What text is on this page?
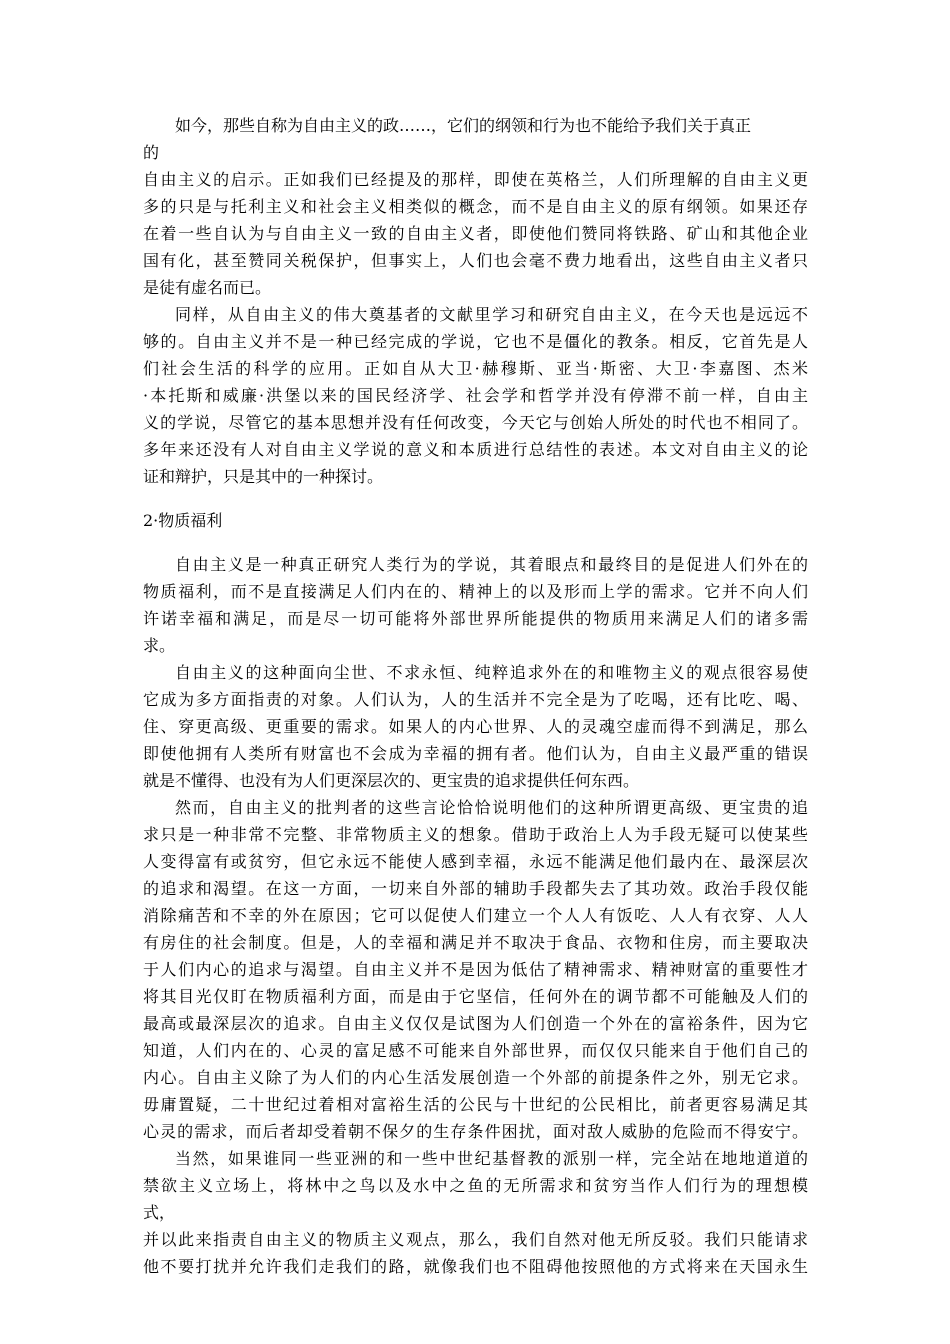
如今，那些自称为自由主义的政……，它们的纲领和行为也不能给予我们关于真正
的
自由主义的启示。正如我们已经提及的那样，即使在英格兰，人们所理解的自由主义更
多的只是与托利主义和社会主义相类似的概念，而不是自由主义的原有纲领。如果还存
在着一些自认为与自由主义一致的自由主义者，即使他们赞同将铁路、矿山和其他企业
国有化，甚至赞同关税保护，但事实上，人们也会毫不费力地看出，这些自由主义者只
是徒有虚名而已。
同样，从自由主义的伟大奠基者的文献里学习和研究自由主义，在今天也是远远不
够的。自由主义并不是一种已经完成的学说，它也不是僵化的教条。相反，它首先是人
们社会生活的科学的应用。正如自从大卫·赫穆斯、亚当·斯密、大卫·李嘉图、杰米
·本托斯和威廉·洪堡以来的国民经济学、社会学和哲学并没有停滞不前一样，自由主
义的学说，尽管它的基本思想并没有任何改变，今天它与创始人所处的时代也不相同了。
多年来还没有人对自由主义学说的意义和本质进行总结性的表述。本文对自由主义的论
证和辩护，只是其中的一种探讨。
2·物质福利
自由主义是一种真正研究人类行为的学说，其着眼点和最终目的是促进人们外在的
物质福利，而不是直接满足人们内在的、精神上的以及形而上学的需求。它并不向人们
许诺幸福和满足，而是尽一切可能将外部世界所能提供的物质用来满足人们的诸多需
求。
自由主义的这种面向尘世、不求永恒、纯粹追求外在的和唯物主义的观点很容易使
它成为多方面指责的对象。人们认为，人的生活并不完全是为了吃喝，还有比吃、喝、
住、穿更高级、更重要的需求。如果人的内心世界、人的灵魂空虚而得不到满足，那么
即使他拥有人类所有财富也不会成为幸福的拥有者。他们认为，自由主义最严重的错误
就是不懂得、也没有为人们更深层次的、更宝贵的追求提供任何东西。
然而，自由主义的批判者的这些言论恰恰说明他们的这种所谓更高级、更宝贵的追
求只是一种非常不完整、非常物质主义的想象。借助于政治上人为手段无疑可以使某些
人变得富有或贫穷，但它永远不能使人感到幸福，永远不能满足他们最内在、最深层次
的追求和渴望。在这一方面，一切来自外部的辅助手段都失去了其功效。政治手段仅能
消除痛苦和不幸的外在原因；它可以促使人们建立一个人人有饭吃、人人有衣穿、人人
有房住的社会制度。但是，人的幸福和满足并不取决于食品、衣物和住房，而主要取决
于人们内心的追求与渴望。自由主义并不是因为低估了精神需求、精神财富的重要性才
将其目光仅盯在物质福利方面，而是由于它坚信，任何外在的调节都不可能触及人们的
最高或最深层次的追求。自由主义仅仅是试图为人们创造一个外在的富裕条件，因为它
知道，人们内在的、心灵的富足感不可能来自外部世界，而仅仅只能来自于他们自己的
内心。自由主义除了为人们的内心生活发展创造一个外部的前提条件之外，别无它求。
毋庸置疑，二十世纪过着相对富裕生活的公民与十世纪的公民相比，前者更容易满足其
心灵的需求，而后者却受着朝不保夕的生存条件困扰，面对敌人威胁的危险而不得安宁。
当然，如果谁同一些亚洲的和一些中世纪基督教的派别一样，完全站在地地道道的
禁欲主义立场上，将林中之鸟以及水中之鱼的无所需求和贫穷当作人们行为的理想模
式，
并以此来指责自由主义的物质主义观点，那么，我们自然对他无所反驳。我们只能请求
他不要打扰并允许我们走我们的路，就像我们也不阻碍他按照他的方式将来在天国永生
